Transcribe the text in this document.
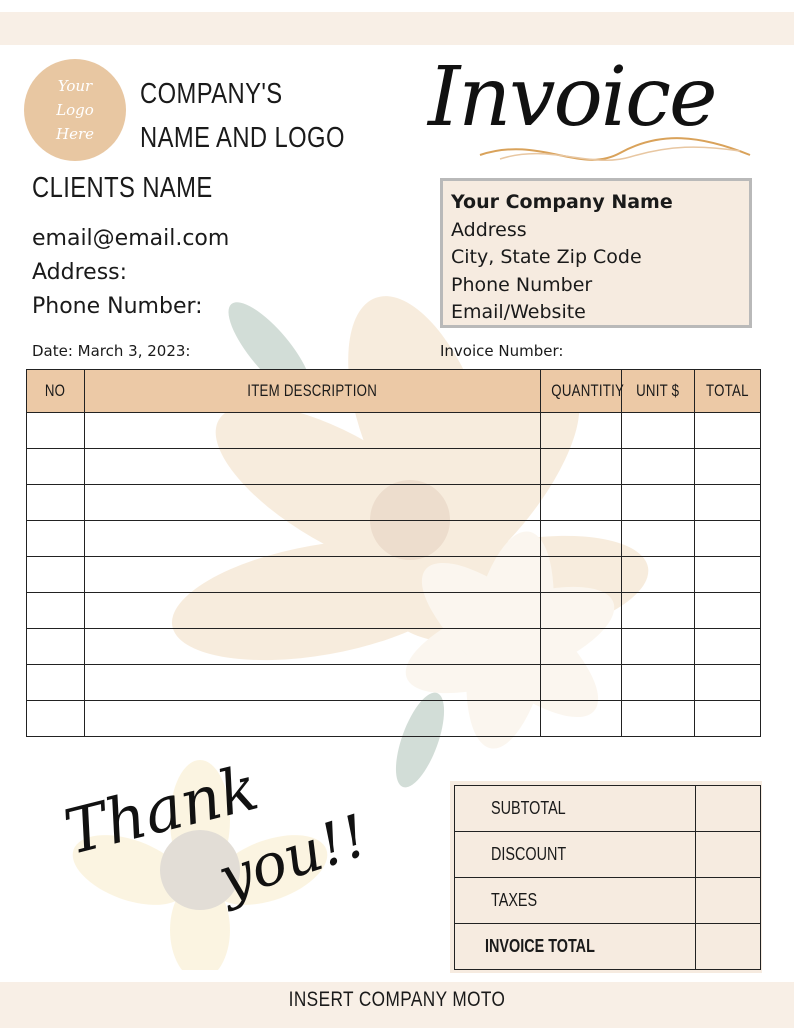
Your
Logo
Here
COMPANY'S
NAME AND LOGO Invoice
CLIENTS NAME
email@email.com
Address:
Phone Number:
Your Company Name
Address
City, State Zip Code
Phone Number
Email/Website
Date: March 3, 2023:	Invoice Number:
NO	ITEM DESCRIPTION	QUANTITIY	UNIT $	TOTAL

SUBTOTAL	
DISCOUNT	
TAXES	
INVOICE TOTAL	
Thank
you!!
INSERT COMPANY MOTO
